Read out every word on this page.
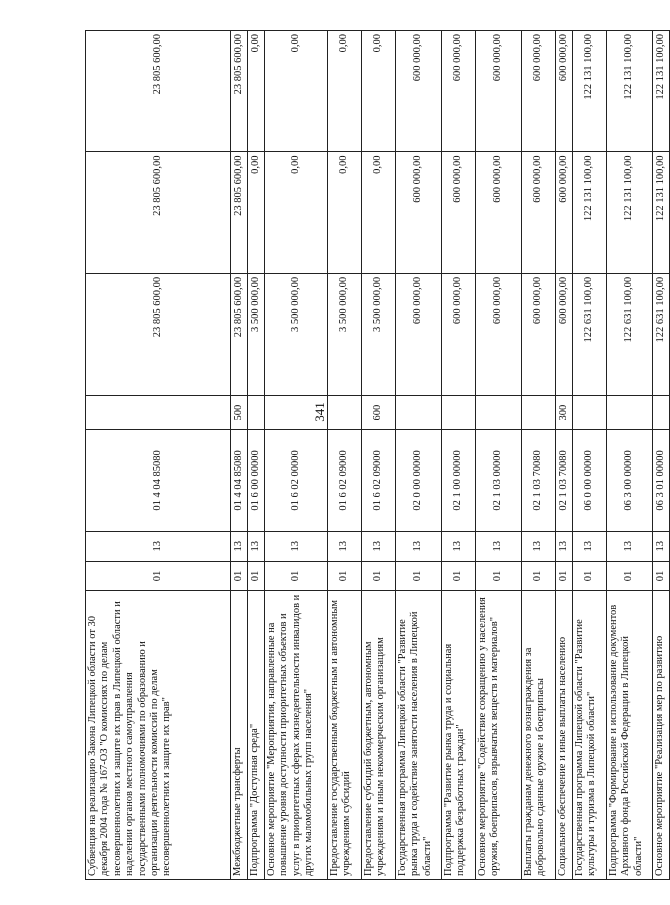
341
Субвенция на реализацию Закона Липецкой области от 30 декабря 2004 года № 167-ОЗ "О комиссиях по делам несовершеннолетних и защите их прав в Липецкой области и наделении органов местного самоуправления государственными полномочиями по образованию и организации деятельности комиссий по делам несовершеннолетних и защите их прав"	01	13	01 4 04 85080		23 805 600,00	23 805 600,00	23 805 600,00
Межбюджетные трансферты	01	13	01 4 04 85080	500	23 805 600,00	23 805 600,00	23 805 600,00
Подпрограмма "Доступная среда"	01	13	01 6 00 00000		3 500 000,00	0,00	0,00
Основное мероприятие "Мероприятия, направленные на повышение уровня доступности приоритетных объектов и услуг в приоритетных сферах жизнедеятельности инвалидов и других маломобильных групп населения"	01	13	01 6 02 00000		3 500 000,00	0,00	0,00
Предоставление государственным бюджетным и автономным учреждениям субсидий	01	13	01 6 02 09000		3 500 000,00	0,00	0,00
Предоставление субсидий бюджетным, автономным учреждениям и иным некоммерческим организациям	01	13	01 6 02 09000	600	3 500 000,00	0,00	0,00
Государственная программа Липецкой области "Развитие рынка труда и содействие занятости населения в Липецкой области"	01	13	02 0 00 00000		600 000,00	600 000,00	600 000,00
Подпрограмма "Развитие рынка труда и социальная поддержка безработных граждан"	01	13	02 1 00 00000		600 000,00	600 000,00	600 000,00
Основное мероприятие "Содействие сокращению у населения оружия, боеприпасов, взрывчатых веществ и материалов"	01	13	02 1 03 00000		600 000,00	600 000,00	600 000,00
Выплаты гражданам денежного вознаграждения за добровольно сданные оружие и боеприпасы	01	13	02 1 03 70080		600 000,00	600 000,00	600 000,00
Социальное обеспечение и иные выплаты населению	01	13	02 1 03 70080	300	600 000,00	600 000,00	600 000,00
Государственная программа Липецкой области "Развитие культуры и туризма в Липецкой области"	01	13	06 0 00 00000		122 631 100,00	122 131 100,00	122 131 100,00
Подпрограмма "Формирование и использование документов Архивного фонда Российской Федерации в Липецкой области"	01	13	06 3 00 00000		122 631 100,00	122 131 100,00	122 131 100,00
Основное мероприятие "Реализация мер по развитию	01	13	06 3 01 00000		122 631 100,00	122 131 100,00	122 131 100,00
